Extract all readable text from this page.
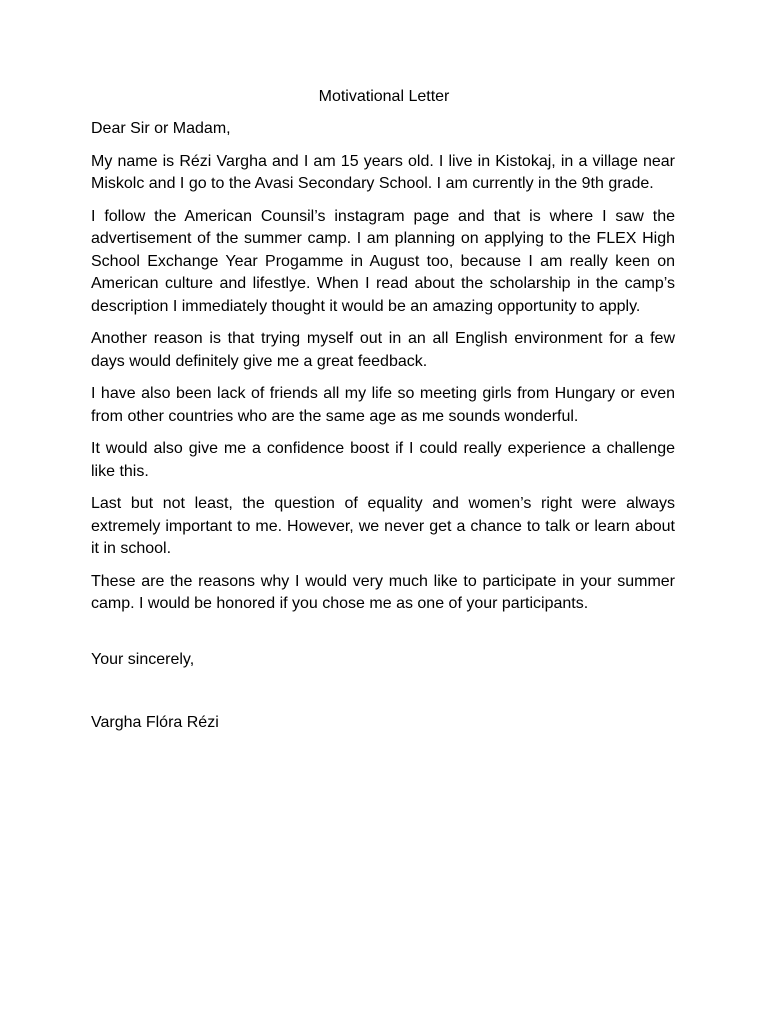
Motivational Letter

Dear Sir or Madam,

My name is Rézi Vargha and I am 15 years old. I live in Kistokaj, in a village near Miskolc and I go to the Avasi Secondary School. I am currently in the 9th grade.

I follow the American Counsil’s instagram page and that is where I saw the advertisement of the summer camp. I am planning on applying to the FLEX High School Exchange Year Progamme in August too, because I am really keen on American culture and lifestlye. When I read about the scholarship in the camp’s description I immediately thought it would be an amazing opportunity to apply.

Another reason is that trying myself out in an all English environment for a few days would definitely give me a great feedback.

I have also been lack of friends all my life so meeting girls from Hungary or even from other countries who are the same age as me sounds wonderful.

It would also give me a confidence boost if I could really experience a challenge like this.

Last but not least, the question of equality and women’s right were always extremely important to me. However, we never get a chance to talk or learn about it in school.

These are the reasons why I would very much like to participate in your summer camp. I would be honored if you chose me as one of your participants.

Your sincerely,

Vargha Flóra Rézi
